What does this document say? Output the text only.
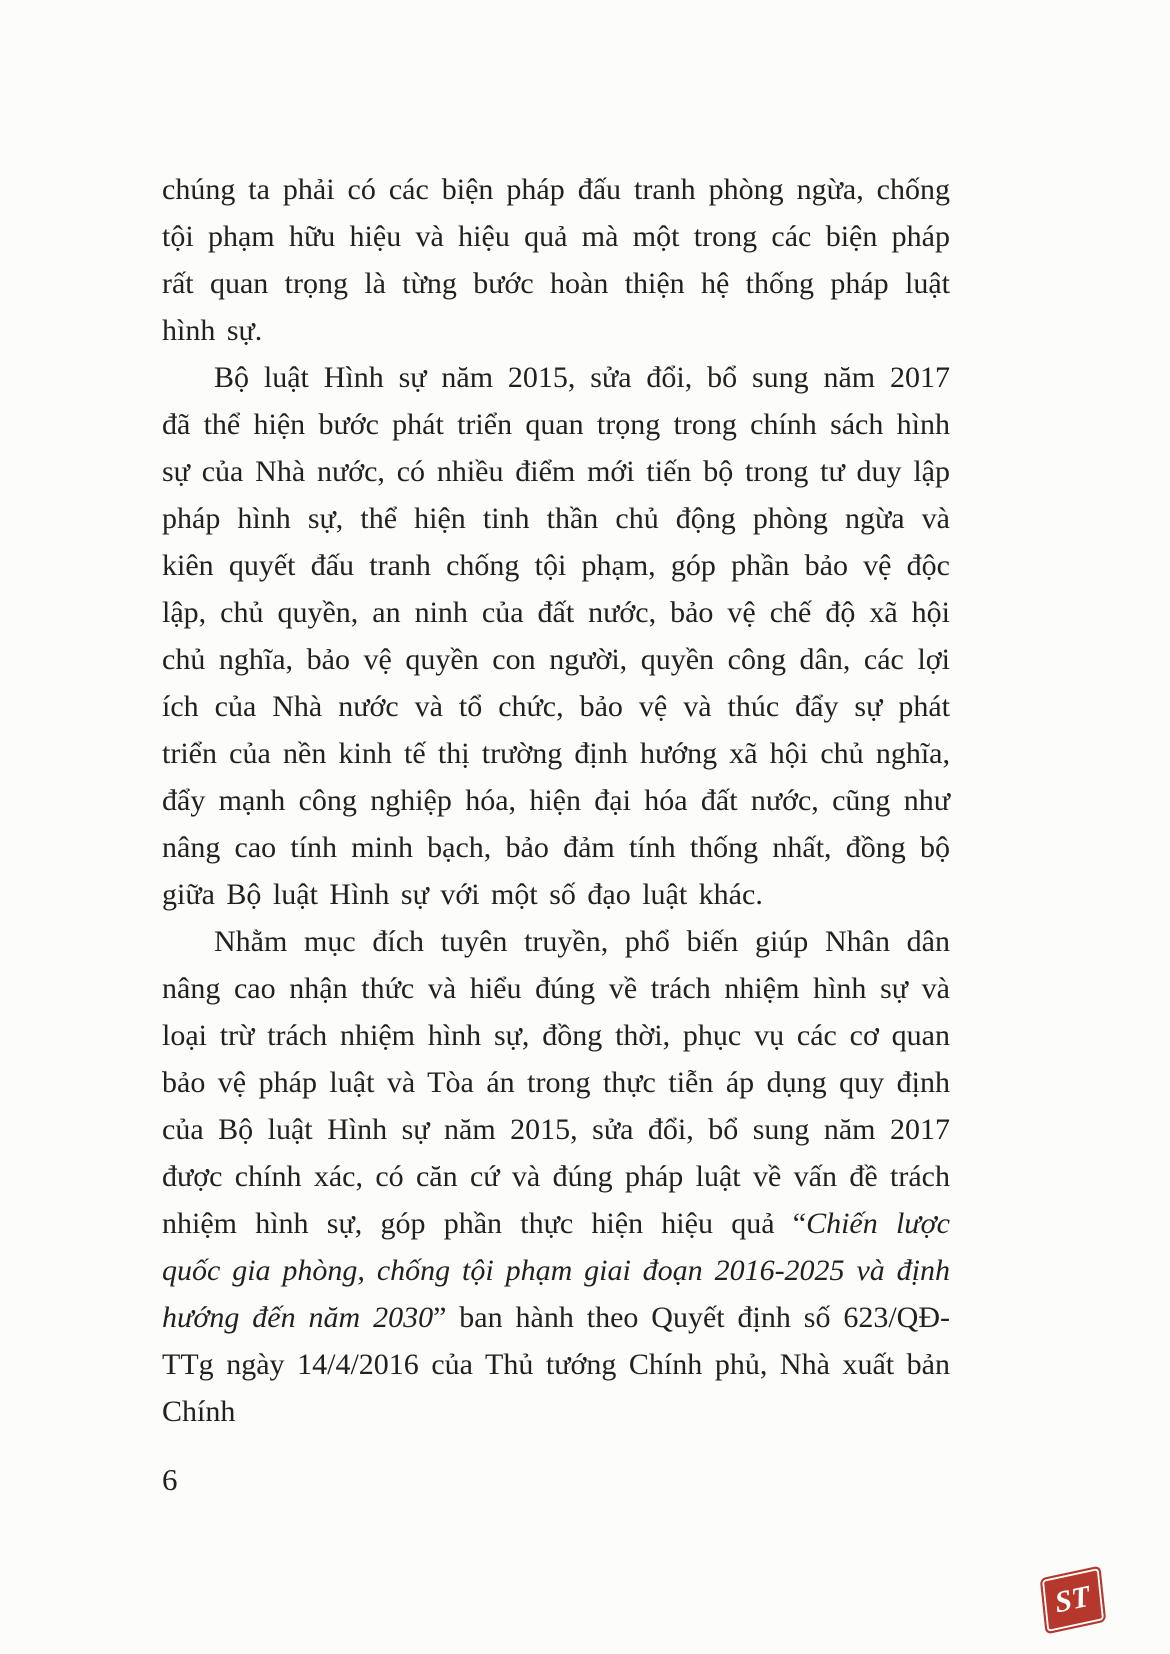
chúng ta phải có các biện pháp đấu tranh phòng ngừa, chống tội phạm hữu hiệu và hiệu quả mà một trong các biện pháp rất quan trọng là từng bước hoàn thiện hệ thống pháp luật hình sự.

Bộ luật Hình sự năm 2015, sửa đổi, bổ sung năm 2017 đã thể hiện bước phát triển quan trọng trong chính sách hình sự của Nhà nước, có nhiều điểm mới tiến bộ trong tư duy lập pháp hình sự, thể hiện tinh thần chủ động phòng ngừa và kiên quyết đấu tranh chống tội phạm, góp phần bảo vệ độc lập, chủ quyền, an ninh của đất nước, bảo vệ chế độ xã hội chủ nghĩa, bảo vệ quyền con người, quyền công dân, các lợi ích của Nhà nước và tổ chức, bảo vệ và thúc đẩy sự phát triển của nền kinh tế thị trường định hướng xã hội chủ nghĩa, đẩy mạnh công nghiệp hóa, hiện đại hóa đất nước, cũng như nâng cao tính minh bạch, bảo đảm tính thống nhất, đồng bộ giữa Bộ luật Hình sự với một số đạo luật khác.

Nhằm mục đích tuyên truyền, phổ biến giúp Nhân dân nâng cao nhận thức và hiểu đúng về trách nhiệm hình sự và loại trừ trách nhiệm hình sự, đồng thời, phục vụ các cơ quan bảo vệ pháp luật và Tòa án trong thực tiễn áp dụng quy định của Bộ luật Hình sự năm 2015, sửa đổi, bổ sung năm 2017 được chính xác, có căn cứ và đúng pháp luật về vấn đề trách nhiệm hình sự, góp phần thực hiện hiệu quả “Chiến lược quốc gia phòng, chống tội phạm giai đoạn 2016-2025 và định hướng đến năm 2030” ban hành theo Quyết định số 623/QĐ-TTg ngày 14/4/2016 của Thủ tướng Chính phủ, Nhà xuất bản Chính

6
ST
